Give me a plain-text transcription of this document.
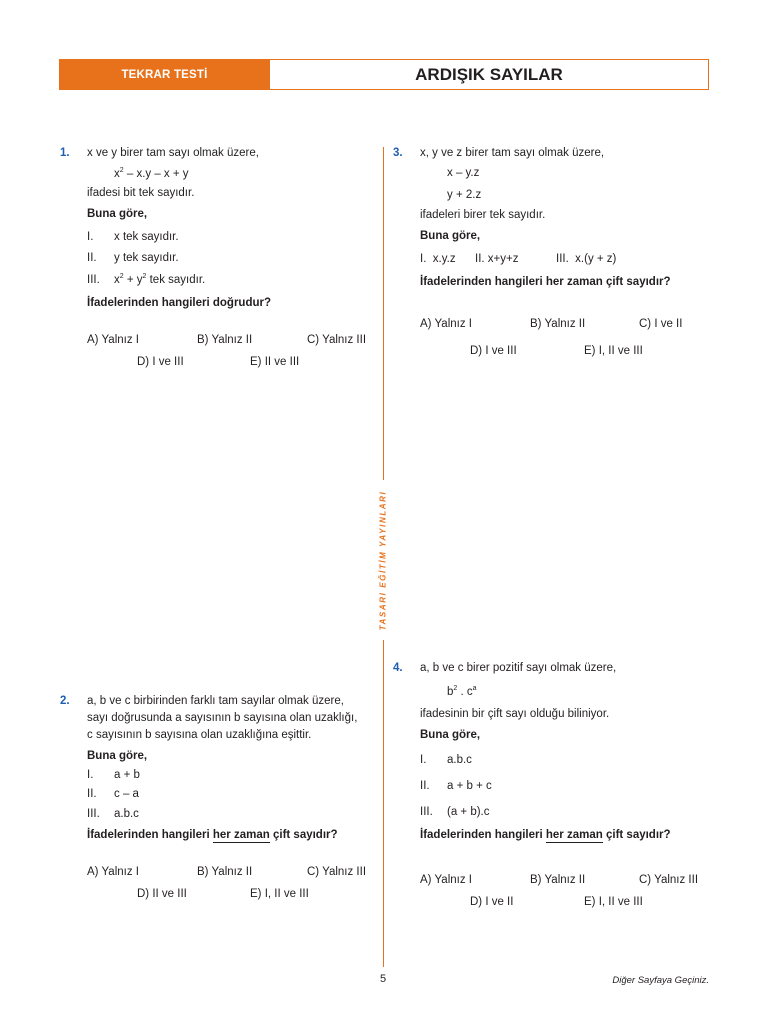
TEKRAR TESTİ	ARDIŞIK SAYILAR
TASARI EĞİTİM YAYINLARI
1. x ve y birer tam sayı olmak üzere,
$x^2 - x.y - x + y$
ifadesi bit tek sayıdır.
Buna göre,
I. x tek sayıdır.
II. y tek sayıdır.
III. $x^2 + y^2$ tek sayıdır.
İfadelerinden hangileri doğrudur?
A) Yalnız I	B) Yalnız II	C) Yalnız III
D) I ve III	E) II ve III
2. a, b ve c birbirinden farklı tam sayılar olmak üzere,
sayı doğrusunda a sayısının b sayısına olan uzaklığı,
c sayısının b sayısına olan uzaklığına eşittir.
Buna göre,
I. a + b
II. c – a
III. a.b.c
İfadelerinden hangileri her zaman çift sayıdır?
A) Yalnız I	B) Yalnız II	C) Yalnız III
D) II ve III	E) I, II ve III
3. x, y ve z birer tam sayı olmak üzere,
x – y.z
y + 2.z
ifadeleri birer tek sayıdır.
Buna göre,
I.  x.y.z II. x+y+z	III.  x.(y + z)
İfadelerinden hangileri her zaman çift sayıdır?
A) Yalnız I	B) Yalnız II	C) I ve II
D) I ve III	E) I, II ve III
4. a, b ve c birer pozitif sayı olmak üzere,
$b^2$ . $c^a$
ifadesinin bir çift sayı olduğu biliniyor.
Buna göre,
I. a.b.c
II. a + b + c
III. (a + b).c
İfadelerinden hangileri her zaman çift sayıdır?
A) Yalnız I	B) Yalnız II	C) Yalnız III
D) I ve II	E) I, II ve III
5	Diğer Sayfaya Geçiniz.
